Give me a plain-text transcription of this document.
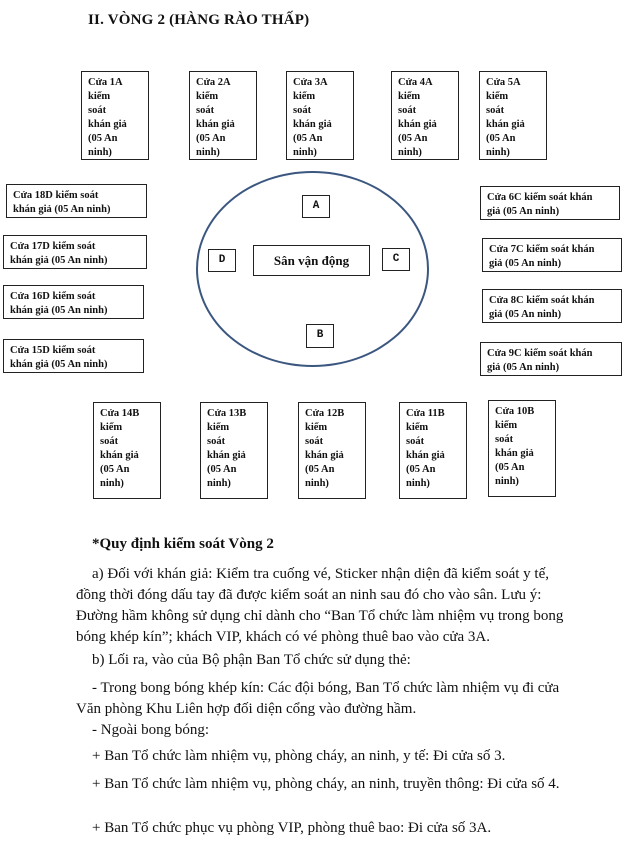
II. VÒNG 2 (HÀNG RÀO THẤP)
Cửa 1A
kiểm
soát
khán giả
(05 An
ninh)
Cửa 2A
kiểm
soát
khán giả
(05 An
ninh)
Cửa 3A
kiểm
soát
khán giả
(05 An
ninh)
Cửa 4A
kiểm
soát
khán giả
(05 An
ninh)
Cửa 5A
kiểm
soát
khán giả
(05 An
ninh)
Cửa 18D kiểm soát
khán giả (05 An ninh)
Cửa 17D kiểm soát
khán giả (05 An ninh)
Cửa 16D kiểm soát
khán giả (05 An ninh)
Cửa 15D kiểm soát
khán giả (05 An ninh)
Cửa 6C kiểm soát khán
giả (05 An ninh)
Cửa 7C kiểm soát khán
giả (05 An ninh)
Cửa 8C kiểm soát khán
giả (05 An ninh)
Cửa 9C kiểm soát khán
giả (05 An ninh)
A
D	C
B
Sân vận động
Cửa 14B
kiểm
soát
khán giả
(05 An
ninh)
Cửa 13B
kiểm
soát
khán giả
(05 An
ninh)
Cửa 12B
kiểm
soát
khán giả
(05 An
ninh)
Cửa 11B
kiểm
soát
khán giả
(05 An
ninh)
Cửa 10B
kiểm
soát
khán giả
(05 An
ninh)

*Quy định kiểm soát Vòng 2

a) Đối với khán giả: Kiểm tra cuống vé, Sticker nhận diện đã kiểm soát y tế, đồng thời đóng dấu tay đã được kiểm soát an ninh sau đó cho vào sân. Lưu ý: Đường hầm không sử dụng chỉ dành cho “Ban Tổ chức làm nhiệm vụ trong bong bóng khép kín”; khách VIP, khách có vé phòng thuê bao vào cửa 3A.

b) Lối ra, vào của Bộ phận Ban Tổ chức sử dụng thẻ:

- Trong bong bóng khép kín: Các đội bóng, Ban Tổ chức làm nhiệm vụ đi cửa Văn phòng Khu Liên hợp đối diện cổng vào đường hầm.

- Ngoài bong bóng:

+ Ban Tổ chức làm nhiệm vụ, phòng cháy, an ninh, y tế: Đi cửa số 3.

+ Ban Tổ chức làm nhiệm vụ, phòng cháy, an ninh, truyền thông: Đi cửa số 4.

+ Ban Tổ chức phục vụ phòng VIP, phòng thuê bao: Đi cửa số 3A.
